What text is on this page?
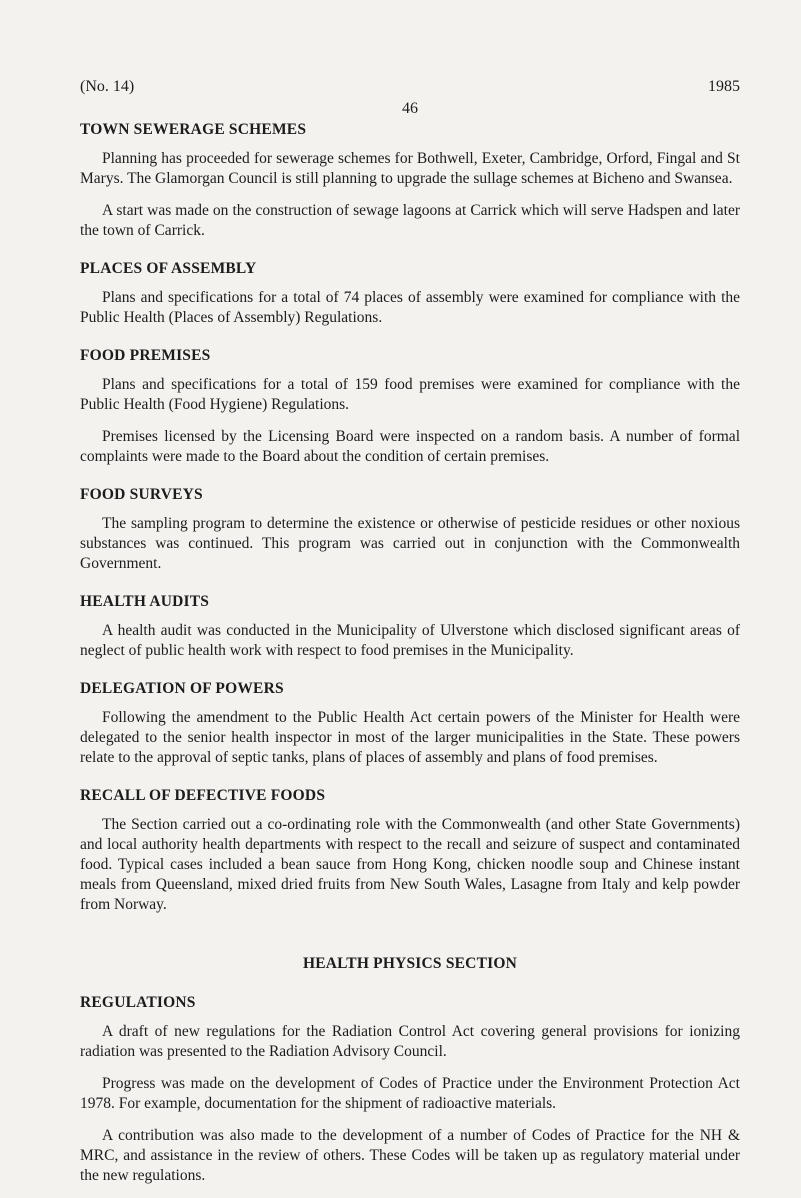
(No. 14)	1985
46
TOWN SEWERAGE SCHEMES

Planning has proceeded for sewerage schemes for Bothwell, Exeter, Cambridge, Orford, Fingal and St Marys. The Glamorgan Council is still planning to upgrade the sullage schemes at Bicheno and Swansea.

A start was made on the construction of sewage lagoons at Carrick which will serve Hadspen and later the town of Carrick.

PLACES OF ASSEMBLY

Plans and specifications for a total of 74 places of assembly were examined for compliance with the Public Health (Places of Assembly) Regulations.

FOOD PREMISES

Plans and specifications for a total of 159 food premises were examined for compliance with the Public Health (Food Hygiene) Regulations.

Premises licensed by the Licensing Board were inspected on a random basis. A number of formal complaints were made to the Board about the condition of certain premises.

FOOD SURVEYS

The sampling program to determine the existence or otherwise of pesticide residues or other noxious substances was continued. This program was carried out in conjunction with the Commonwealth Government.

HEALTH AUDITS

A health audit was conducted in the Municipality of Ulverstone which disclosed significant areas of neglect of public health work with respect to food premises in the Municipality.

DELEGATION OF POWERS

Following the amendment to the Public Health Act certain powers of the Minister for Health were delegated to the senior health inspector in most of the larger municipalities in the State. These powers relate to the approval of septic tanks, plans of places of assembly and plans of food premises.

RECALL OF DEFECTIVE FOODS

The Section carried out a co-ordinating role with the Commonwealth (and other State Governments) and local authority health departments with respect to the recall and seizure of suspect and contaminated food. Typical cases included a bean sauce from Hong Kong, chicken noodle soup and Chinese instant meals from Queensland, mixed dried fruits from New South Wales, Lasagne from Italy and kelp powder from Norway.

HEALTH PHYSICS SECTION
REGULATIONS

A draft of new regulations for the Radiation Control Act covering general provisions for ionizing radiation was presented to the Radiation Advisory Council.

Progress was made on the development of Codes of Practice under the Environment Protection Act 1978. For example, documentation for the shipment of radioactive materials.

A contribution was also made to the development of a number of Codes of Practice for the NH & MRC, and assistance in the review of others. These Codes will be taken up as regulatory material under the new regulations.
